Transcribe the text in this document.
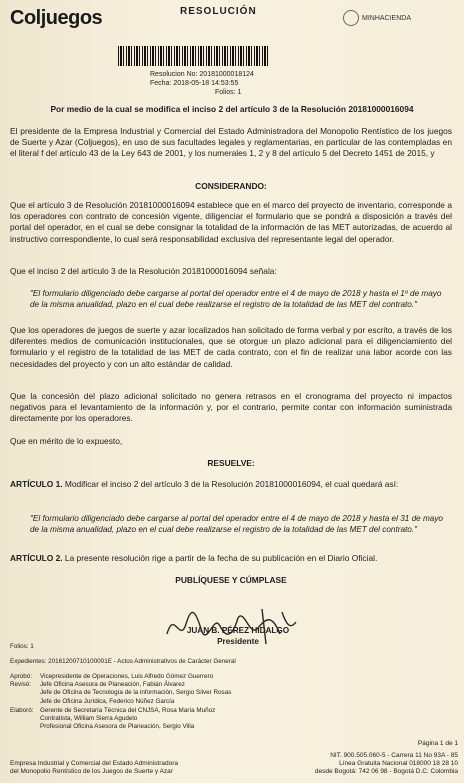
Coljuegos	RESOLUCIÓN
MINHACIENDA
Resolucion No: 20181000018124
Fecha: 2018-05-18 14:53:55
Folios: 1
Por medio de la cual se modifica el inciso 2 del artículo 3 de la Resolución 20181000016094
El presidente de la Empresa Industrial y Comercial del Estado Administradora del Monopolio Rentístico de los juegos de Suerte y Azar (Coljuegos), en uso de sus facultades legales y reglamentarias, en particular de las contempladas en el literal f del artículo 43 de la Ley 643 de 2001, y los numerales 1, 2 y 8 del artículo 5 del Decreto 1451 de 2015, y
CONSIDERANDO:
Que el artículo 3 de Resolución 20181000016094 establece que en el marco del proyecto de inventario, corresponde a los operadores con contrato de concesión vigente, diligenciar el formulario que se pondrá a disposición a través del portal del operador, en el cual se debe consignar la totalidad de la información de las MET autorizadas, de acuerdo al instructivo correspondiente, lo cual será responsabilidad exclusiva del representante legal del operador.
Que el inciso 2 del artículo 3 de la Resolución 20181000016094 señala:
"El formulario diligenciado debe cargarse al portal del operador entre el 4 de mayo de 2018 y hasta el 1º de mayo de la misma anualidad, plazo en el cual debe realizarse el registro de la totalidad de las MET del contrato."
Que los operadores de juegos de suerte y azar localizados han solicitado de forma verbal y por escrito, a través de los diferentes medios de comunicación institucionales, que se otorgue un plazo adicional para el diligenciamiento del formulario y el registro de la totalidad de las MET de cada contrato, con el fin de realizar una labor acorde con las necesidades del proyecto y con un alto estándar de calidad.
Que la concesión del plazo adicional solicitado no genera retrasos en el cronograma del proyecto ni impactos negativos para el levantamiento de la información y, por el contrario, permite contar con información suministrada directamente por los operadores.
Que en mérito de lo expuesto,
RESUELVE:
ARTÍCULO 1. Modificar el inciso 2 del artículo 3 de la Resolución 20181000016094, el cual quedará así:
"El formulario diligenciado debe cargarse al portal del operador entre el 4 de mayo de 2018 y hasta el 31 de mayo de la misma anualidad, plazo en el cual debe realizarse el registro de la totalidad de las MET del contrato."
ARTÍCULO 2. La presente resolución rige a partir de la fecha de su publicación en el Diario Oficial.
PUBLÍQUESE Y CÚMPLASE
JUAN B. PÉREZ HIDALGO
Presidente
Folios: 1
Expedientes: 20161200710100001E - Actos Administrativos de Carácter General
Aprobó:
Revisó:
Vicepresidente de Operaciones, Luis Alfredo Gómez Guerrero
Jefe Oficina Asesora de Planeación, Fabián Álvarez
Jefe de Oficina de Tecnología de la información, Sergio Silver Rosas
Jefe de Oficina Jurídica, Federico Núñez García
Elaboró: Gerente de Secretaría Técnica del CNJSA, Rosa María Muñoz
Contratista, William Sierra Agudelo
Profesional Oficina Asesora de Planeación, Sergio Villa
Empresa Industrial y Comercial del Estado Administradora
del Monopolio Rentístico de los Juegos de Suerte y Azar
Página 1 de 1
NIT. 900.505.060-5 - Carrera 11 No 93A - 85
Línea Gratuita Nacional 018000 18 28 10
desde Bogotá: 742 06 98 - Bogotá D.C. Colombia
